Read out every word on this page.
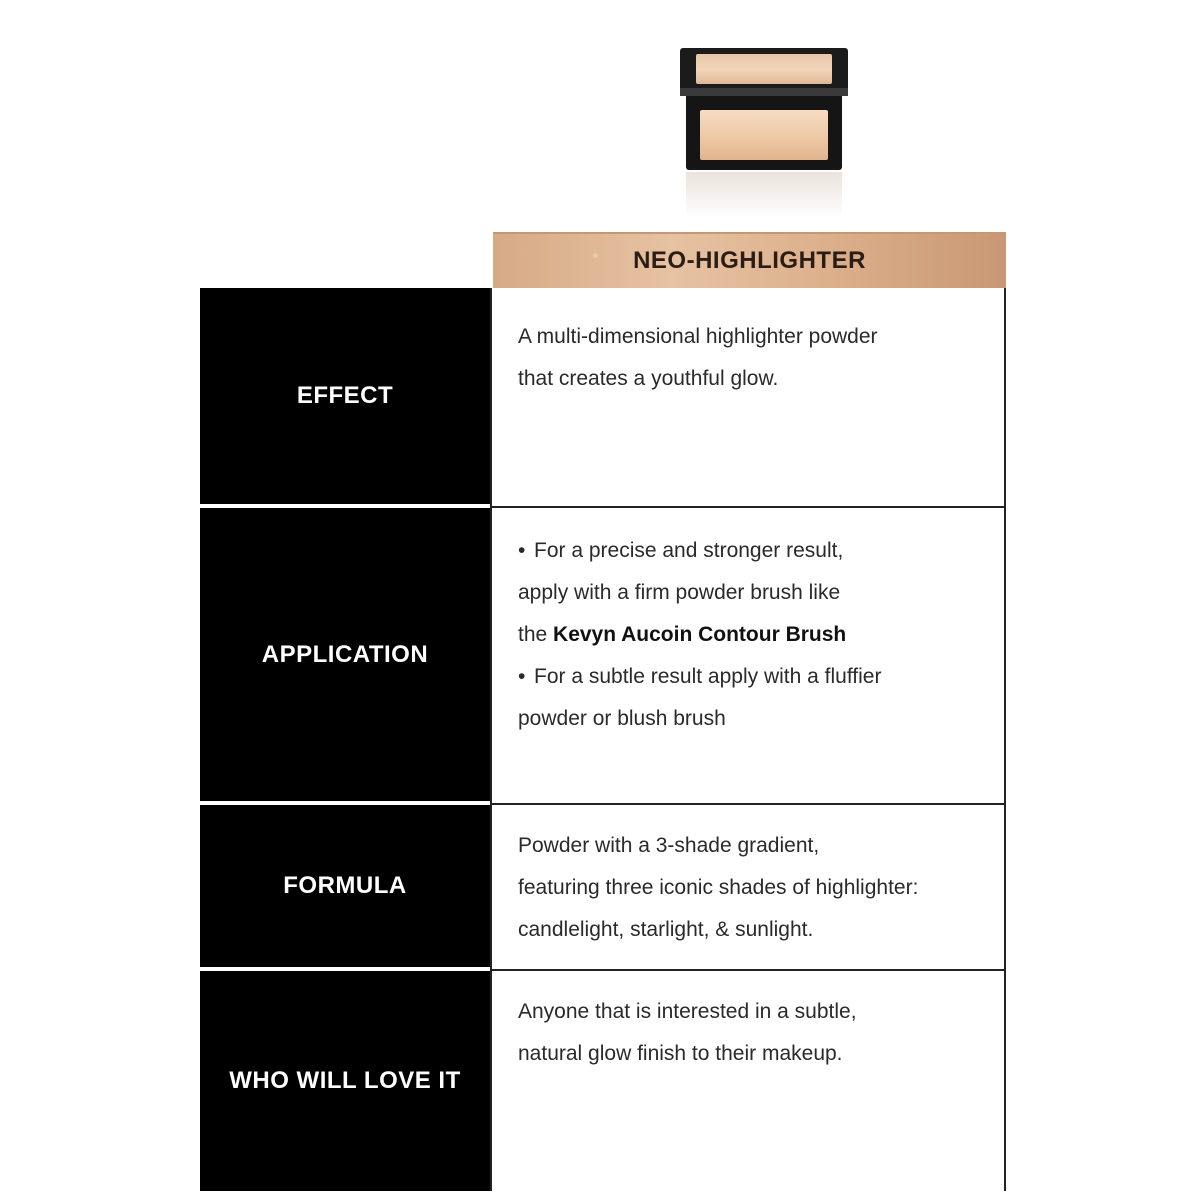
NEO-HIGHLIGHTER
EFFECT
A multi-dimensional highlighter powder
that creates a youthful glow.
APPLICATION
• For a precise and stronger result,
apply with a firm powder brush like
the Kevyn Aucoin Contour Brush
• For a subtle result apply with a fluffier
powder or blush brush
FORMULA
Powder with a 3-shade gradient,
featuring three iconic shades of highlighter:
candlelight, starlight, & sunlight.
WHO WILL LOVE IT
Anyone that is interested in a subtle,
natural glow finish to their makeup.
